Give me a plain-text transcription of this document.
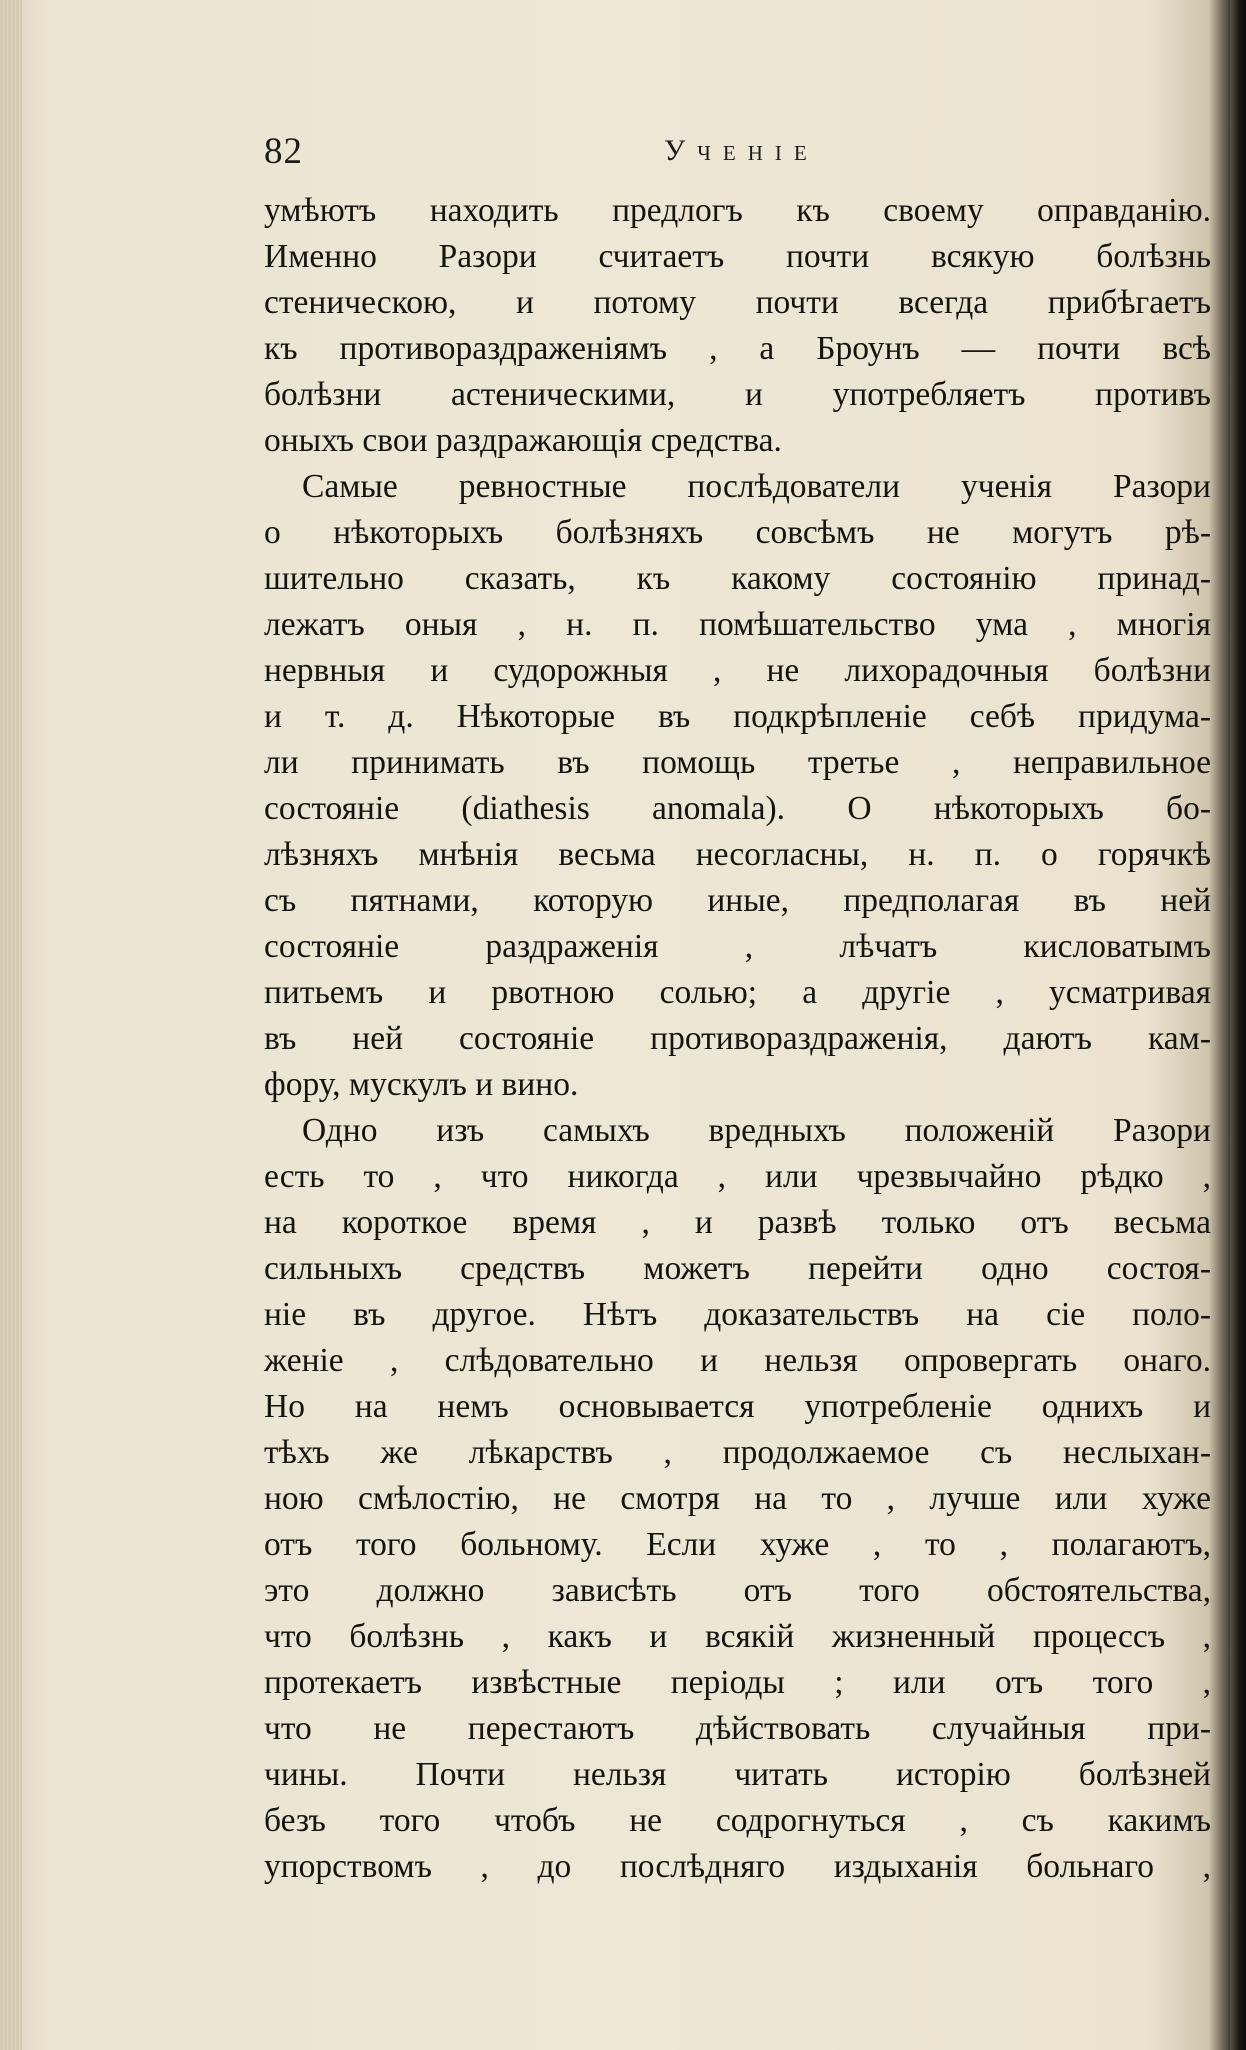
82	Ученіе
умѣютъ находить предлогъ къ своему оправданію.
Именно Разори считаетъ почти всякую болѣзнь
стеническою, и потому почти всегда прибѣгаетъ
къ противораздраженіямъ , а Броунъ — почти всѣ
болѣзни астеническими, и употребляетъ противъ
оныхъ свои раздражающія средства.
Самые ревностные послѣдователи ученія Разори
о нѣкоторыхъ болѣзняхъ совсѣмъ не могутъ рѣ-
шительно сказать, къ какому состоянію принад-
лежатъ оныя , н. п. помѣшательство ума , многія
нервныя и судорожныя , не лихорадочныя болѣзни
и т. д. Нѣкоторые въ подкрѣпленіе себѣ придума-
ли принимать въ помощь третье , неправильное
состояніе (diathesis anomala). О нѣкоторыхъ бо-
лѣзняхъ мнѣнія весьма несогласны, н. п. о горячкѣ
съ пятнами, которую иные, предполагая въ ней
состояніе раздраженія , лѣчатъ кисловатымъ
питьемъ и рвотною солью; а другіе , усматривая
въ ней состояніе противораздраженія, даютъ кам-
фору, мускулъ и вино.
Одно изъ самыхъ вредныхъ положеній Разори
есть то , что никогда , или чрезвычайно рѣдко ,
на короткое время , и развѣ только отъ весьма
сильныхъ средствъ можетъ перейти одно состоя-
ніе въ другое. Нѣтъ доказательствъ на сіе поло-
женіе , слѣдовательно и нельзя опровергать онаго.
Но на немъ основывается употребленіе однихъ и
тѣхъ же лѣкарствъ , продолжаемое съ неслыхан-
ною смѣлостію, не смотря на то , лучше или хуже
отъ того больному. Если хуже , то , полагаютъ,
это должно зависѣть отъ того обстоятельства,
что болѣзнь , какъ и всякій жизненный процессъ ,
протекаетъ извѣстные періоды ; или отъ того ,
что не перестаютъ дѣйствовать случайныя при-
чины. Почти нельзя читать исторію болѣзней
безъ того чтобъ не содрогнуться , съ какимъ
упорствомъ , до послѣдняго издыханія больнаго ,
